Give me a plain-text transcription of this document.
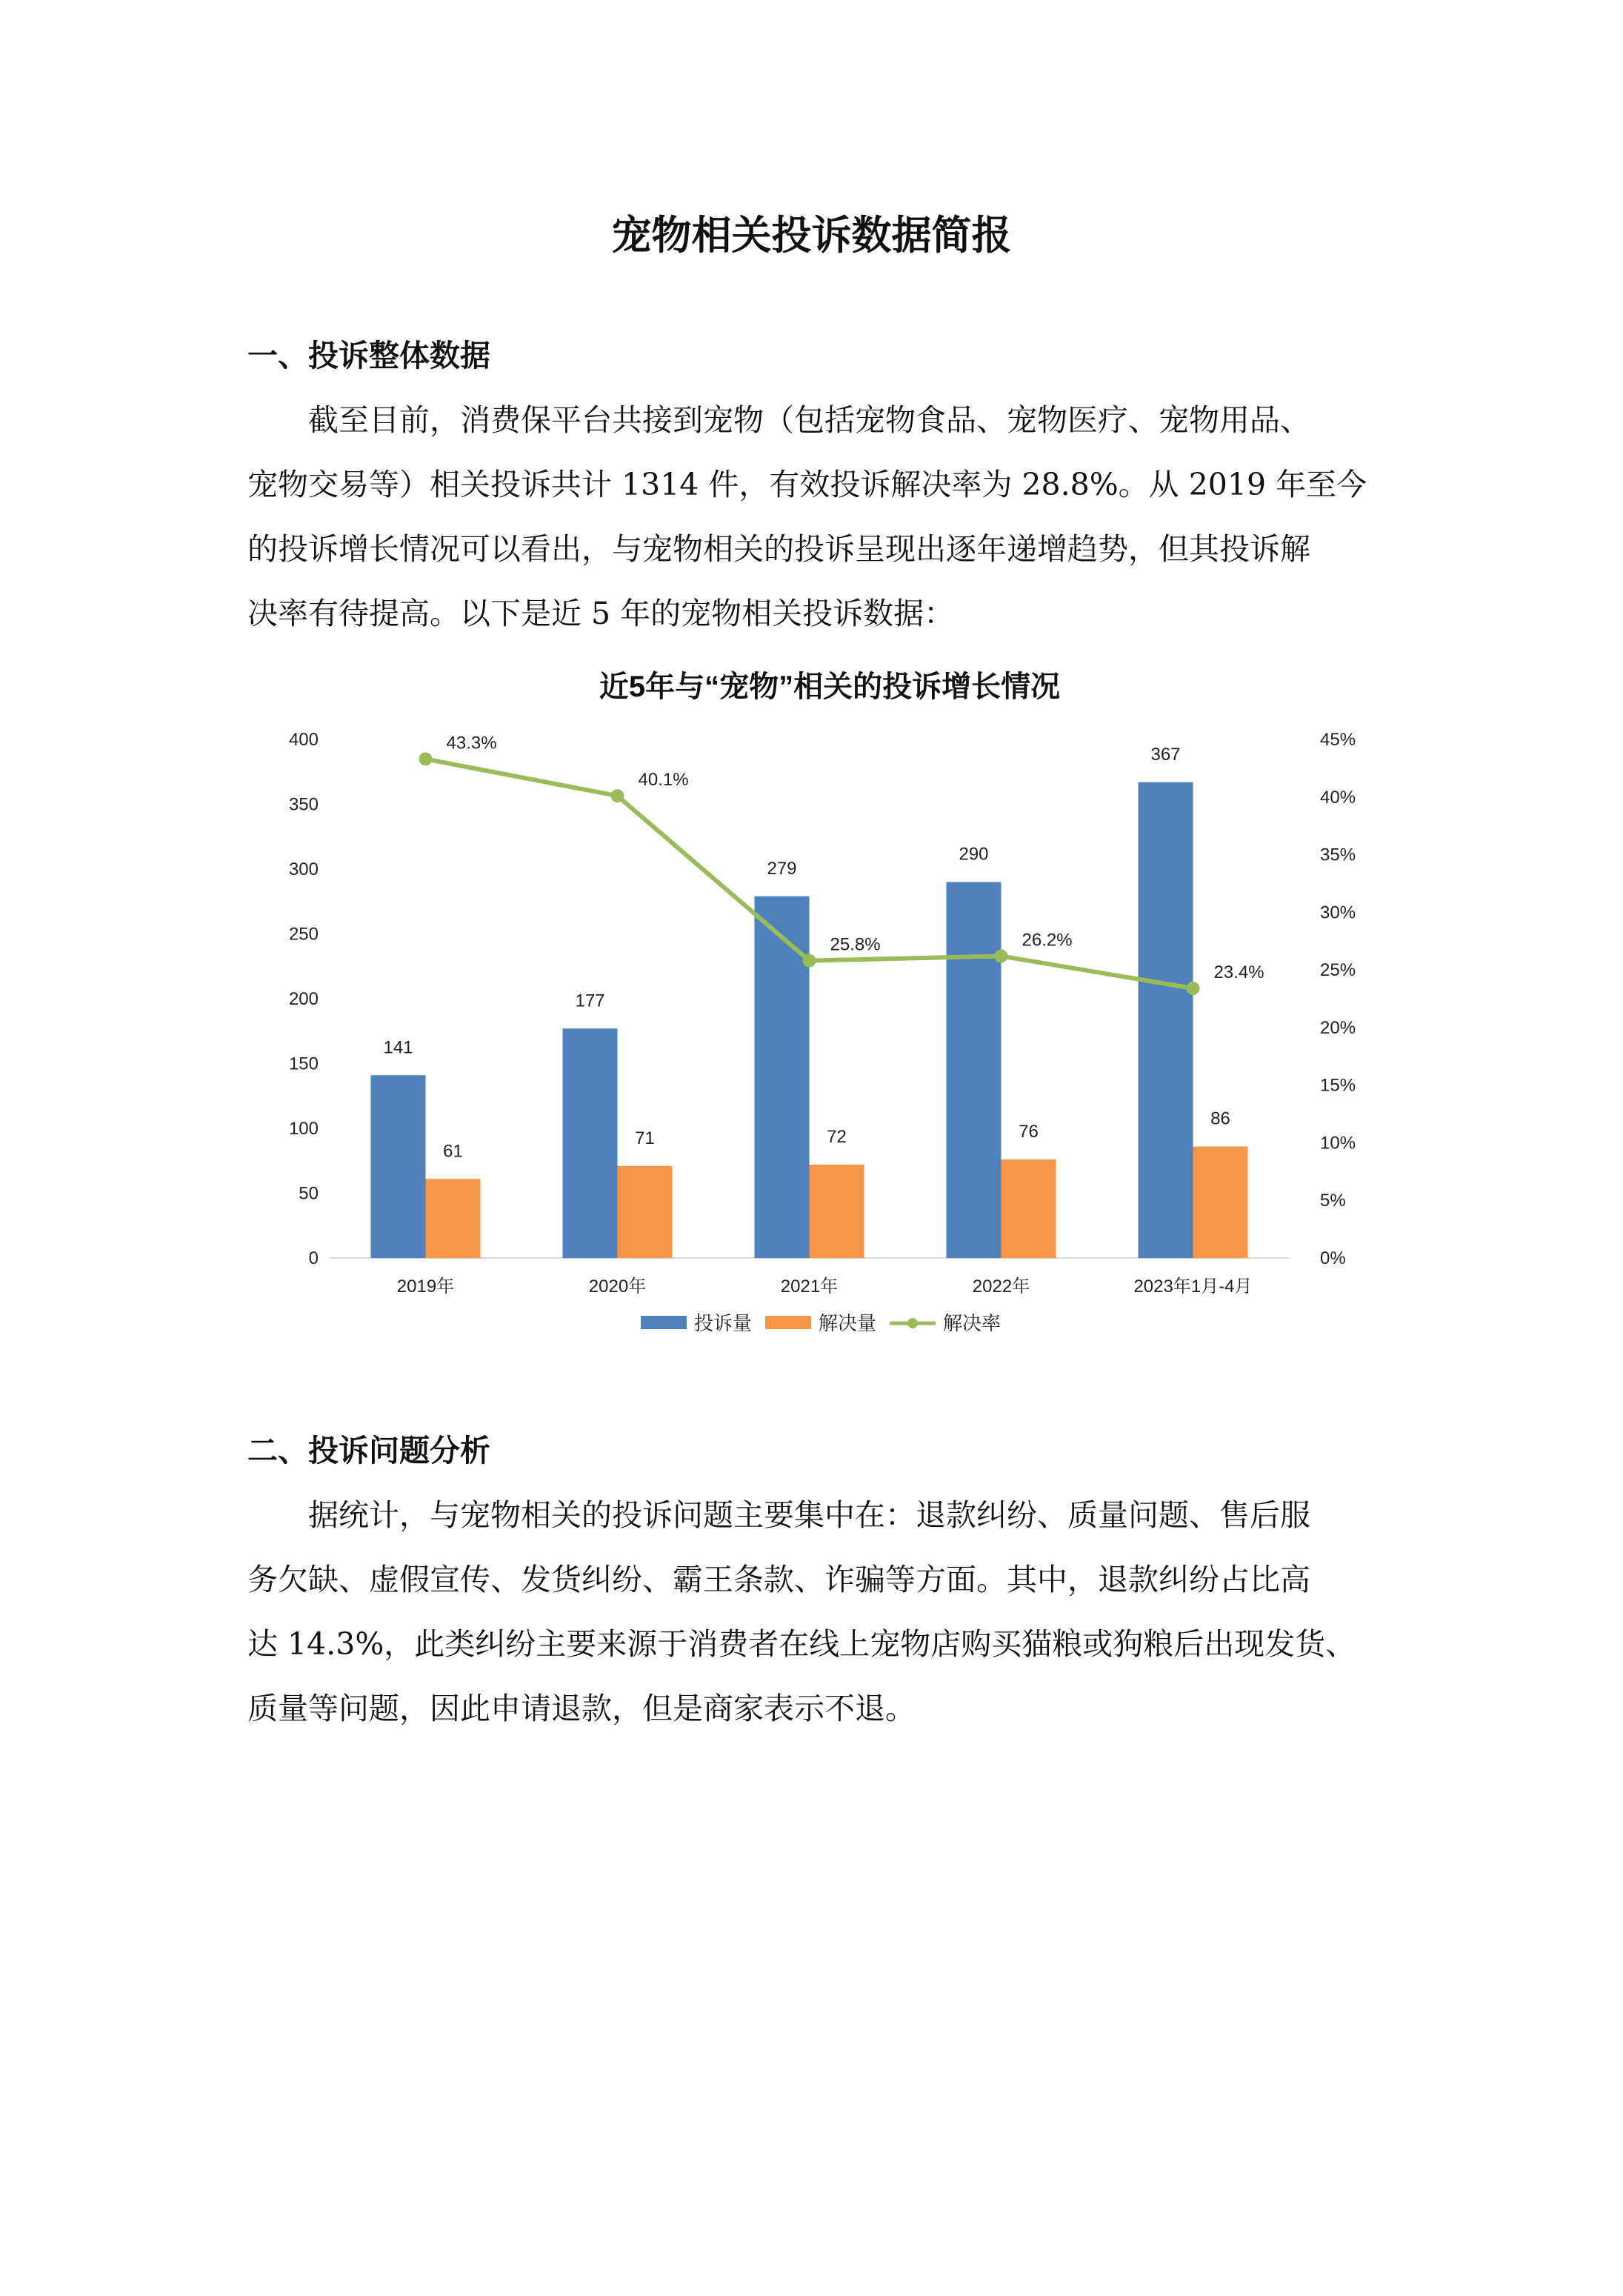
宠物相关投诉数据简报
一、投诉整体数据

　　截至目前，消费保平台共接到宠物（包括宠物食品、宠物医疗、宠物用品、
宠物交易等）相关投诉共计 1314 件，有效投诉解决率为 28.8%。从 2019 年至今
的投诉增长情况可以看出，与宠物相关的投诉呈现出逐年递增趋势，但其投诉解
决率有待提高。以下是近 5 年的宠物相关投诉数据：

近5年与“宠物”相关的投诉增长情况
0
50
100
150
200
250
300
350
400
0%
5%
10%
15%
20%
25%
30%
35%
40%
45%
2019年
141
61
2020年
177
71
2021年
279
72
2022年
290
76
2023年1月-4月
367
86
43.3%
40.1%
25.8%	26.2%
23.4%
投诉量	解决量	解决率
二、投诉问题分析

　　据统计，与宠物相关的投诉问题主要集中在：退款纠纷、质量问题、售后服
务欠缺、虚假宣传、发货纠纷、霸王条款、诈骗等方面。其中，退款纠纷占比高
达 14.3%，此类纠纷主要来源于消费者在线上宠物店购买猫粮或狗粮后出现发货、
质量等问题，因此申请退款，但是商家表示不退。
